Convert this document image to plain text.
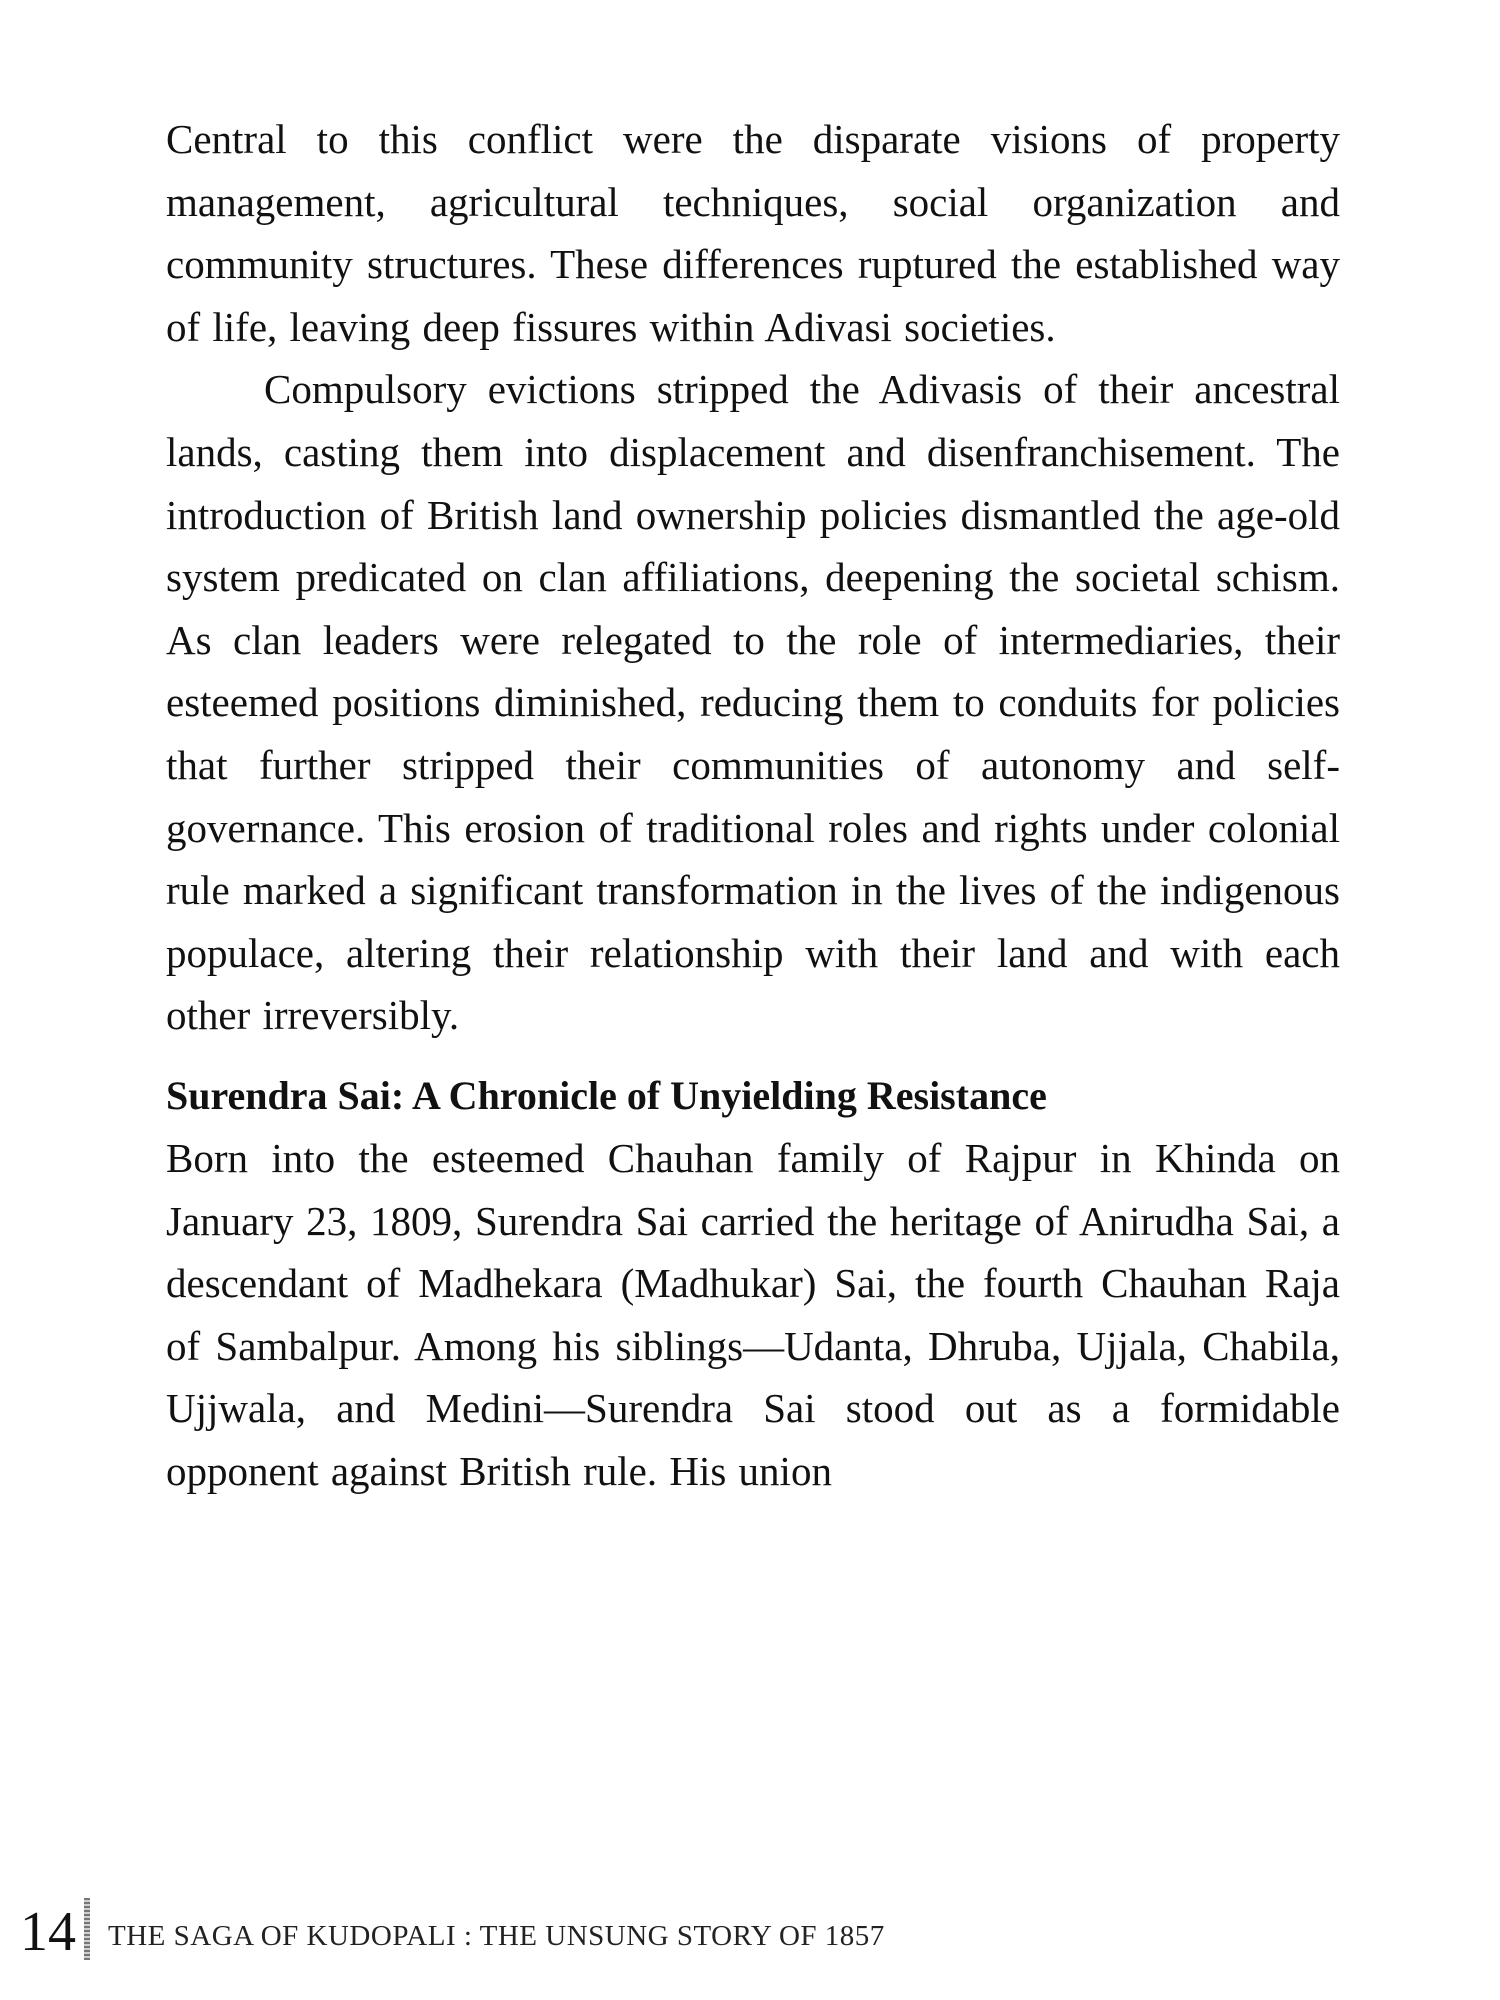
Central to this conflict were the disparate visions of property management, agricultural techniques, social organization and community structures. These differences ruptured the established way of life, leaving deep fissures within Adivasi societies.

Compulsory evictions stripped the Adivasis of their ancestral lands, casting them into displacement and disenfranchisement. The introduction of British land ownership policies dismantled the age-old system predicated on clan affiliations, deepening the societal schism. As clan leaders were relegated to the role of intermediaries, their esteemed positions diminished, reducing them to conduits for policies that further stripped their communities of autonomy and self-governance. This erosion of traditional roles and rights under colonial rule marked a significant transformation in the lives of the indigenous populace, altering their relationship with their land and with each other irreversibly.

Surendra Sai: A Chronicle of Unyielding Resistance

Born into the esteemed Chauhan family of Rajpur in Khinda on January 23, 1809, Surendra Sai carried the heritage of Anirudha Sai, a descendant of Madhekara (Madhukar) Sai, the fourth Chauhan Raja of Sambalpur. Among his siblings—Udanta, Dhruba, Ujjala, Chabila, Ujjwala, and Medini—Surendra Sai stood out as a formidable opponent against British rule. His union

14 THE SAGA OF KUDOPALI : THE UNSUNG STORY OF 1857
